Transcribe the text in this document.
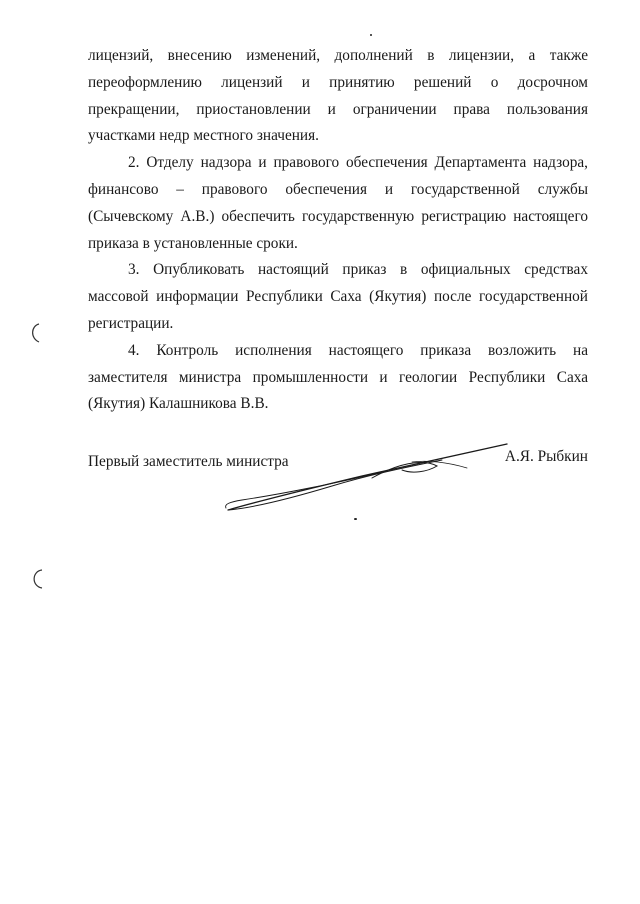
лицензий, внесению изменений, дополнений в лицензии, а также переоформлению лицензий и принятию решений о досрочном прекращении, приостановлении и ограничении права пользования участками недр местного значения.

2. Отделу надзора и правового обеспечения Департамента надзора, финансово – правового обеспечения и государственной службы (Сычевскому А.В.) обеспечить государственную регистрацию настоящего приказа в установленные сроки.

3. Опубликовать настоящий приказ в официальных средствах массовой информации Республики Саха (Якутия) после государственной регистрации.

4. Контроль исполнения настоящего приказа возложить на заместителя министра промышленности и геологии Республики Саха (Якутия) Калашникова В.В.

Первый заместитель министра	А.Я. Рыбкин
